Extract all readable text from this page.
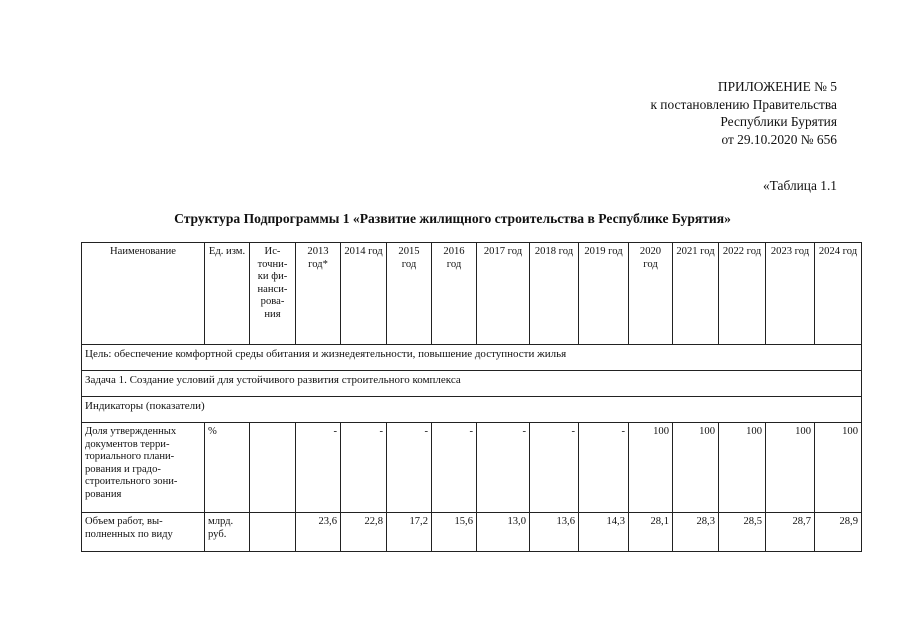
ПРИЛОЖЕНИЕ № 5
к постановлению Правительства
Республики Бурятия
от 29.10.2020 № 656
«Таблица 1.1
Структура Подпрограммы 1 «Развитие жилищного строительства в Республике Бурятия»
Наименование	Ед. изм.	Ис-точни-ки фи-нанси-рова-ния	2013 год*	2014 год	2015 год	2016 год	2017 год	2018 год	2019 год	2020 год	2021 год	2022 год	2023 год	2024 год
Цель: обеспечение комфортной среды обитания и жизнедеятельности, повышение доступности жилья														
Задача 1. Создание условий для устойчивого развития строительного комплекса														
Индикаторы (показатели)														
Доля утвержденных документов терри-ториального плани-рования и градо-строительного зони-рования	%		-	-	-	-	-	-	-	100	100	100	100	100
Объем работ, вы-полненных по виду	млрд. руб.		23,6	22,8	17,2	15,6	13,0	13,6	14,3	28,1	28,3	28,5	28,7	28,9
